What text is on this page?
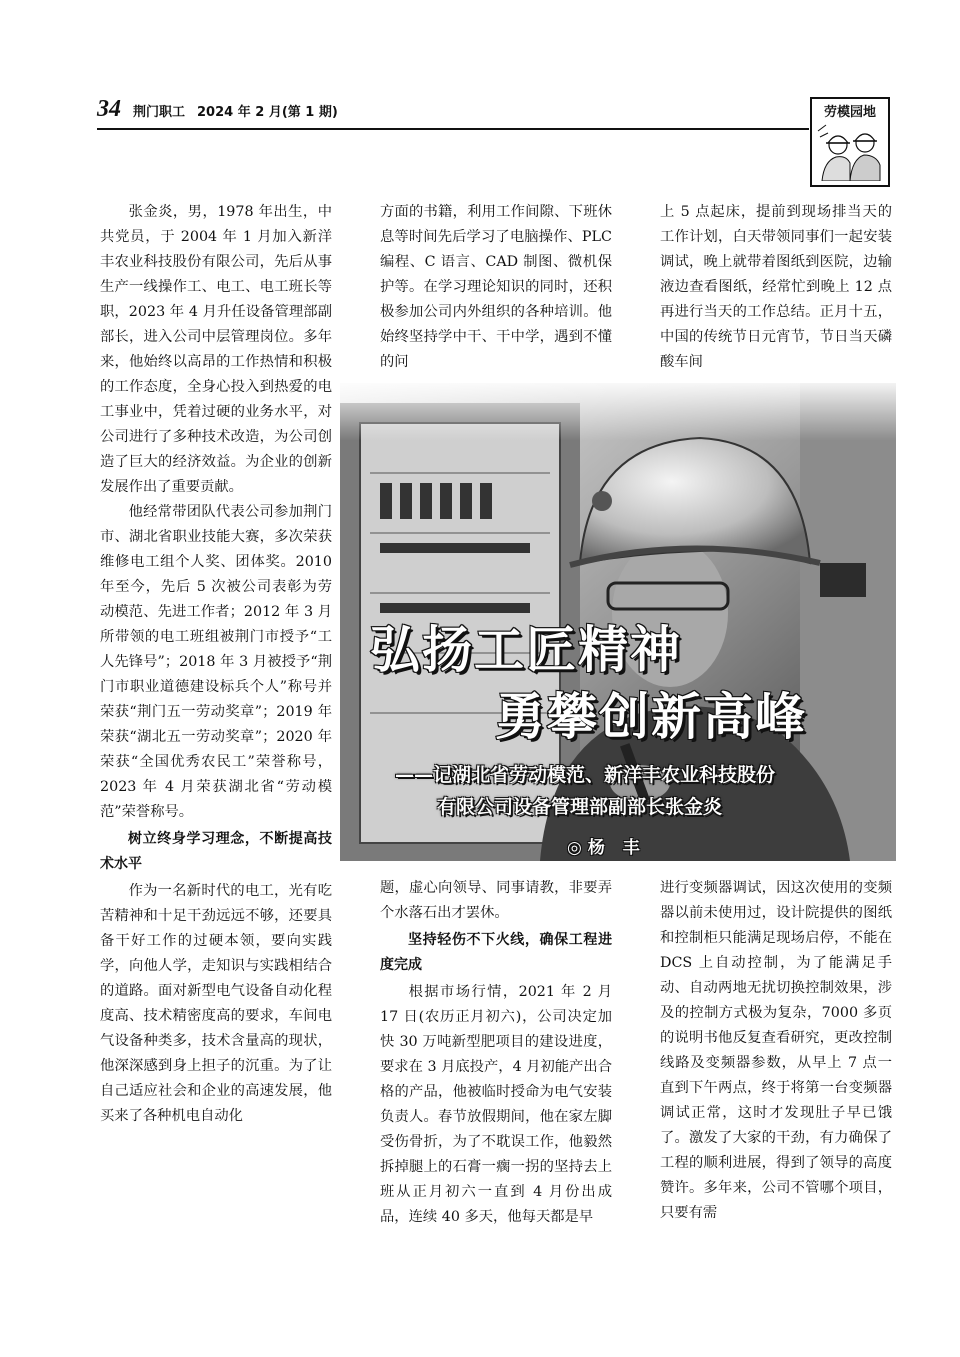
34 荆门职工 2024 年 2 月(第 1 期)	劳模园地

张金炎，男，1978 年出生，中共党员，于 2004 年 1 月加入新洋丰农业科技股份有限公司，先后从事生产一线操作工、电工、电工班长等职，2023 年 4 月升任设备管理部副部长，进入公司中层管理岗位。多年来，他始终以高昂的工作热情和积极的工作态度，全身心投入到热爱的电工事业中，凭着过硬的业务水平，对公司进行了多种技术改造，为公司创造了巨大的经济效益。为企业的创新发展作出了重要贡献。

他经常带团队代表公司参加荆门市、湖北省职业技能大赛，多次荣获维修电工组个人奖、团体奖。2010 年至今，先后 5 次被公司表彰为劳动模范、先进工作者；2012 年 3 月所带领的电工班组被荆门市授予“工人先锋号”；2018 年 3 月被授予“荆门市职业道德建设标兵个人”称号并荣获“荆门五一劳动奖章”；2019 年荣获“湖北五一劳动奖章”；2020 年荣获“全国优秀农民工”荣誉称号，2023 年 4 月荣获湖北省“劳动模范”荣誉称号。

树立终身学习理念，不断提高技术水平

作为一名新时代的电工，光有吃苦精神和十足干劲远远不够，还要具备干好工作的过硬本领，要向实践学，向他人学，走知识与实践相结合的道路。面对新型电气设备自动化程度高、技术精密度高的要求，车间电气设备种类多，技术含量高的现状，他深深感到身上担子的沉重。为了让自己适应社会和企业的高速发展，他买来了各种机电自动化

方面的书籍，利用工作间隙、下班休息等时间先后学习了电脑操作、PLC 编程、C 语言、CAD 制图、微机保护等。在学习理论知识的同时，还积极参加公司内外组织的各种培训。他始终坚持学中干、干中学，遇到不懂的问

上 5 点起床，提前到现场排当天的工作计划，白天带领同事们一起安装调试，晚上就带着图纸到医院，边输液边查看图纸，经常忙到晚上 12 点再进行当天的工作总结。正月十五，中国的传统节日元宵节，节日当天磷酸车间

弘扬工匠精神
勇攀创新高峰
——记湖北省劳动模范、新洋丰农业科技股份
有限公司设备管理部副部长张金炎
◎杨 丰

题，虚心向领导、同事请教，非要弄个水落石出才罢休。

坚持轻伤不下火线，确保工程进度完成

根据市场行情，2021 年 2 月 17 日(农历正月初六)，公司决定加快 30 万吨新型肥项目的建设进度，要求在 3 月底投产，4 月初能产出合格的产品，他被临时授命为电气安装负责人。春节放假期间，他在家左脚受伤骨折，为了不耽误工作，他毅然拆掉腿上的石膏一瘸一拐的坚持去上班从正月初六一直到 4 月份出成品，连续 40 多天，他每天都是早

进行变频器调试，因这次使用的变频器以前未使用过，设计院提供的图纸和控制柜只能满足现场启停，不能在 DCS 上自动控制，为了能满足手动、自动两地无扰切换控制效果，涉及的控制方式极为复杂，7000 多页的说明书他反复查看研究，更改控制线路及变频器参数，从早上 7 点一直到下午两点，终于将第一台变频器调试正常，这时才发现肚子早已饿了。激发了大家的干劲，有力确保了工程的顺利进展，得到了领导的高度赞许。多年来，公司不管哪个项目，只要有需
